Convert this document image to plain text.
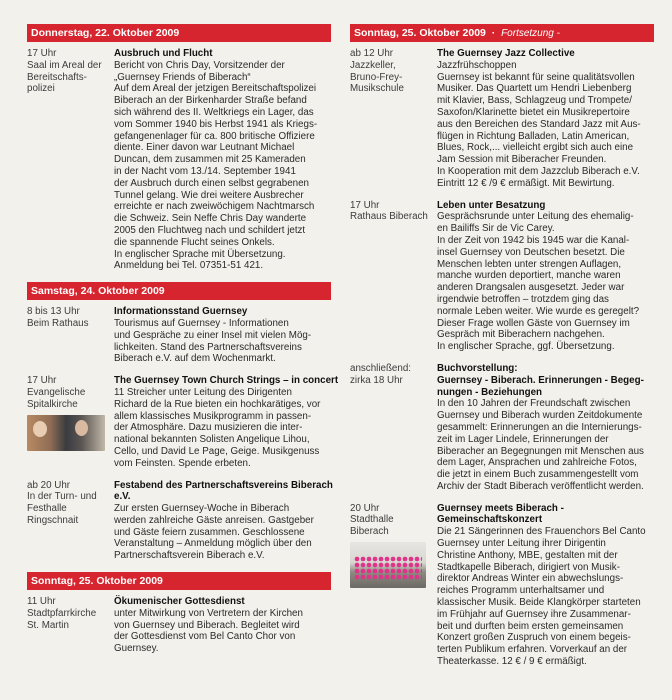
Donnerstag, 22. Oktober 2009
17 Uhr
Saal im Areal der
Bereitschafts-
polizei
Ausbruch und Flucht
Bericht von Chris Day, Vorsitzender der
„Guernsey Friends of Biberach“
Auf dem Areal der jetzigen Bereitschaftspolizei
Biberach an der Birkenharder Straße befand
sich während des II. Weltkriegs ein Lager, das
vom Sommer 1940 bis Herbst 1941 als Kriegs-
gefangenenlager für ca. 800 britische Offiziere
diente. Einer davon war Leutnant Michael
Duncan, dem zusammen mit 25 Kameraden
in der Nacht vom 13./14. September 1941
der Ausbruch durch einen selbst gegrabenen
Tunnel gelang. Wie drei weitere Ausbrecher
erreichte er nach zweiwöchigem Nachtmarsch
die Schweiz. Sein Neffe Chris Day wanderte
2005 den Fluchtweg nach und schildert jetzt
die spannende Flucht seines Onkels.
In englischer Sprache mit Übersetzung.
Anmeldung bei Tel. 07351-51 421.
Samstag, 24. Oktober 2009
8 bis 13 Uhr
Beim Rathaus
Informationsstand Guernsey
Tourismus auf Guernsey - Informationen
und Gespräche zu einer Insel mit vielen Mög-
lichkeiten. Stand des Partnerschaftsvereins
Biberach e.V. auf dem Wochenmarkt.
17 Uhr
Evangelische
Spitalkirche
The Guernsey Town Church Strings – in concert
11 Streicher unter Leitung des Dirigenten
Richard de la Rue bieten ein hochkarätiges, vor
allem klassisches Musikprogramm in passen-
der Atmosphäre. Dazu musizieren die inter-
national bekannten Solisten Angelique Lihou,
Cello, und David Le Page, Geige. Musikgenuss
vom Feinsten. Spende erbeten.
ab 20 Uhr
In der Turn- und
Festhalle
Ringschnait
Festabend des Partnerschaftsvereins Biberach
e.V.
Zur ersten Guernsey-Woche in Biberach
werden zahlreiche Gäste anreisen. Gastgeber
und Gäste feiern zusammen. Geschlossene
Veranstaltung – Anmeldung möglich über den
Partnerschaftsverein Biberach e.V.
Sonntag, 25. Oktober 2009
11 Uhr
Stadtpfarrkirche
St. Martin
Ökumenischer Gottesdienst
unter Mitwirkung von Vertretern der Kirchen
von Guernsey und Biberach. Begleitet wird
der Gottesdienst vom Bel Canto Chor von
Guernsey.
Sonntag, 25. Oktober 2009  ·  Fortsetzung -
ab 12 Uhr
Jazzkeller,
Bruno-Frey-
Musikschule
The Guernsey Jazz Collective
Jazzfrühschoppen
Guernsey ist bekannt für seine qualitätsvollen
Musiker. Das Quartett um Hendri Liebenberg
mit Klavier, Bass, Schlagzeug und Trompete/
Saxofon/Klarinette bietet ein Musikrepertoire
aus den Bereichen des Standard Jazz mit Aus-
flügen in Richtung Balladen, Latin American,
Blues, Rock,... vielleicht ergibt sich auch eine
Jam Session mit Biberacher Freunden.
In Kooperation mit dem Jazzclub Biberach e.V.
Eintritt 12 € /9 € ermäßigt. Mit Bewirtung.
17 Uhr
Rathaus Biberach
Leben unter Besatzung
Gesprächsrunde unter Leitung des ehemalig-
en Bailiffs Sir de Vic Carey.
In der Zeit von 1942 bis 1945 war die Kanal-
insel Guernsey von Deutschen besetzt. Die
Menschen lebten unter strengen Auflagen,
manche wurden deportiert, manche waren
anderen Drangsalen ausgesetzt. Jeder war
irgendwie betroffen – trotzdem ging das
normale Leben weiter. Wie wurde es geregelt?
Dieser Frage wollen Gäste von Guernsey im
Gespräch mit Biberachern nachgehen.
In englischer Sprache, ggf. Übersetzung.
anschließend:
zirka 18 Uhr
Buchvorstellung:
Guernsey - Biberach. Erinnerungen - Begeg-
nungen - Beziehungen
In den 10 Jahren der Freundschaft zwischen
Guernsey und Biberach wurden Zeitdokumente
gesammelt: Erinnerungen an die Internierungs-
zeit im Lager Lindele, Erinnerungen der
Biberacher an Begegnungen mit Menschen aus
dem Lager, Ansprachen und zahlreiche Fotos,
die jetzt in einem Buch zusammengestellt vom
Archiv der Stadt Biberach veröffentlicht werden.
20 Uhr
Stadthalle
Biberach
Guernsey meets Biberach -
Gemeinschaftskonzert
Die 21 Sängerinnen des Frauenchors Bel Canto
Guernsey unter Leitung ihrer Dirigentin
Christine Anthony, MBE, gestalten mit der
Stadtkapelle Biberach, dirigiert von Musik-
direktor Andreas Winter ein abwechslungs-
reiches Programm unterhaltsamer und
klassischer Musik. Beide Klangkörper starteten
im Frühjahr auf Guernsey ihre Zusammenar-
beit und durften beim ersten gemeinsamen
Konzert großen Zuspruch von einem begeis-
terten Publikum erfahren. Vorverkauf an der
Theaterkasse. 12 € / 9 € ermäßigt.
